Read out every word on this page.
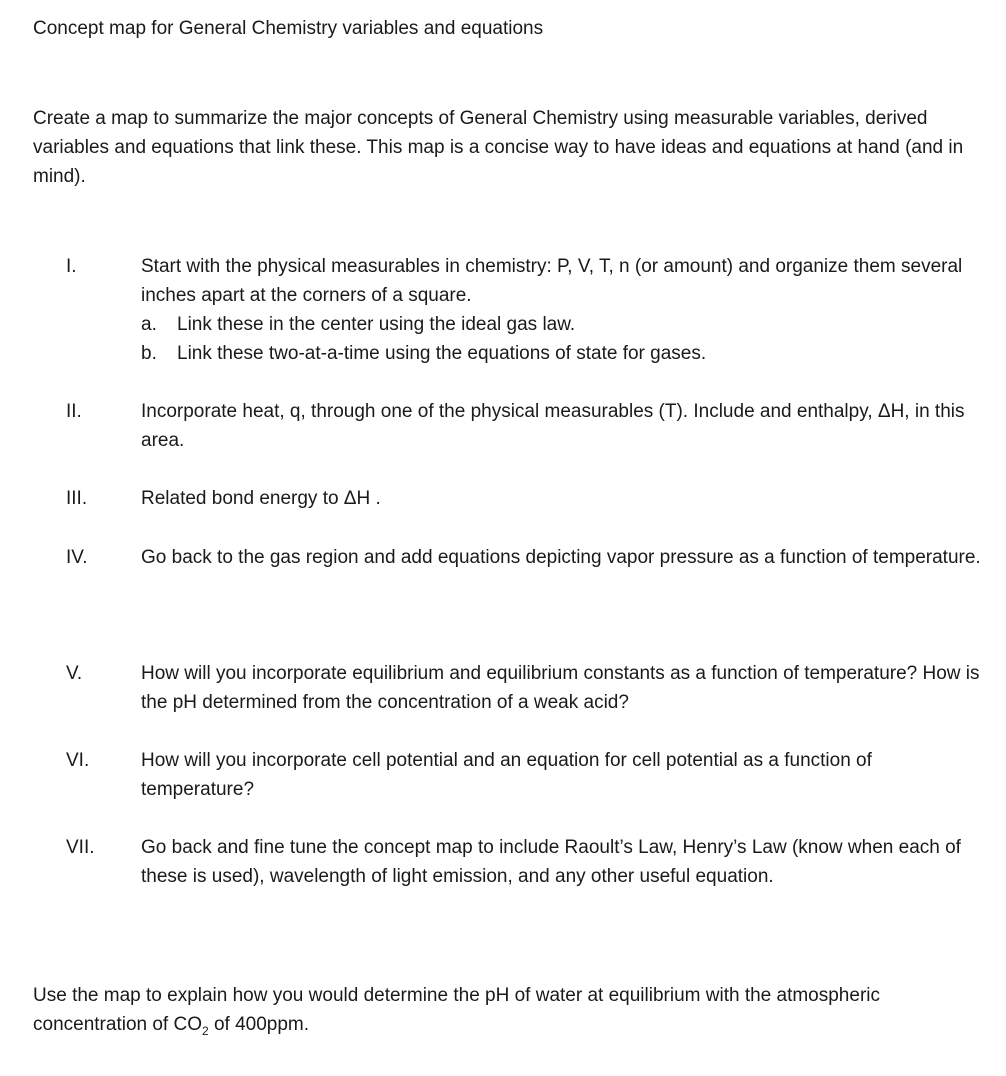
Concept map for General Chemistry variables and equations
Create a map to summarize the major concepts of General Chemistry using measurable variables, derived variables and equations that link these. This map is a concise way to have ideas and equations at hand (and in mind).
I.	Start with the physical measurables in chemistry: P, V, T, n (or amount) and organize them several inches apart at the corners of a square.
a. Link these in the center using the ideal gas law.
b. Link these two-at-a-time using the equations of state for gases.
II.	Incorporate heat, q, through one of the physical measurables (T). Include and enthalpy, ΔH, in this area.
III.	Related bond energy to ΔH .
IV.	Go back to the gas region and add equations depicting vapor pressure as a function of temperature.
V.	How will you incorporate equilibrium and equilibrium constants as a function of temperature? How is the pH determined from the concentration of a weak acid?
VI.	How will you incorporate cell potential and an equation for cell potential as a function of temperature?
VII. Go back and fine tune the concept map to include Raoult’s Law, Henry’s Law (know when each of these is used), wavelength of light emission, and any other useful equation.
Use the map to explain how you would determine the pH of water at equilibrium with the atmospheric concentration of $CO_2$ of 400ppm.
